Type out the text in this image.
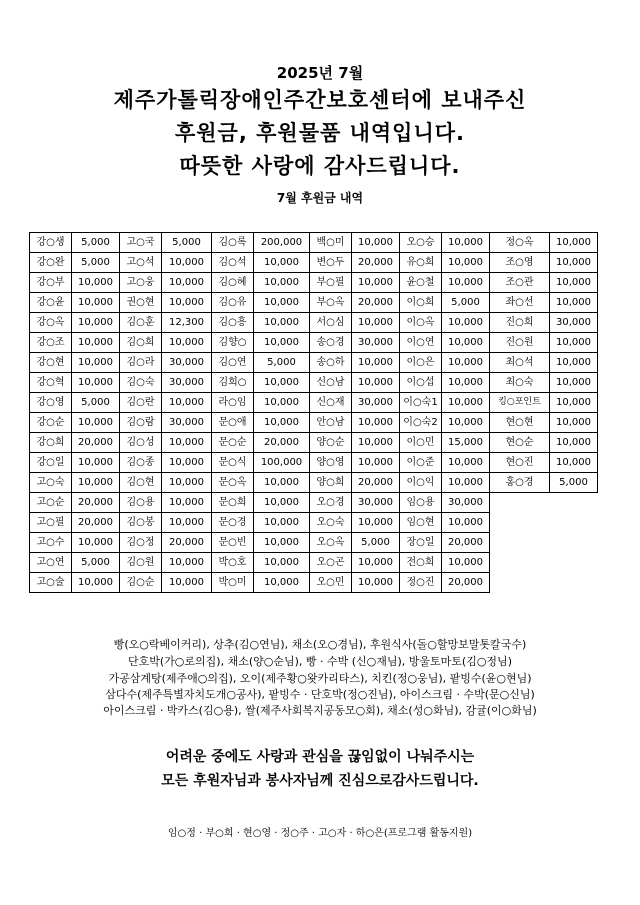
2025년 7월
제주가톨릭장애인주간보호센터에 보내주신
후원금, 후원물품 내역입니다.
따뜻한 사랑에 감사드립니다.
7월 후원금 내역
강○생	5,000	고○국	5,000	김○록	200,000	백○미	10,000	오○승	10,000	정○옥	10,000
강○완	5,000	고○석	10,000	김○석	10,000	변○두	20,000	유○희	10,000	조○영	10,000
강○부	10,000	고○웅	10,000	김○혜	10,000	부○필	10,000	윤○철	10,000	조○관	10,000
강○윤	10,000	권○현	10,000	김○유	10,000	부○옥	20,000	이○희	5,000	좌○선	10,000
강○옥	10,000	김○훈	12,300	김○흥	10,000	서○심	10,000	이○옥	10,000	진○희	30,000
강○조	10,000	김○희	10,000	김향○	10,000	송○경	30,000	이○연	10,000	진○원	10,000
강○현	10,000	김○라	30,000	김○연	5,000	송○하	10,000	이○은	10,000	최○석	10,000
강○혁	10,000	김○숙	30,000	김희○	10,000	신○남	10,000	이○섭	10,000	최○숙	10,000
강○영	5,000	김○란	10,000	라○임	10,000	신○재	30,000	이○숙1	10,000	킹○포인트	10,000
강○순	10,000	김○람	30,000	문○애	10,000	안○남	10,000	이○숙2	10,000	현○현	10,000
강○희	20,000	김○성	10,000	문○순	20,000	양○순	10,000	이○민	15,000	현○순	10,000
강○일	10,000	김○종	10,000	문○식	100,000	양○영	10,000	이○준	10,000	현○진	10,000
고○숙	10,000	김○현	10,000	문○옥	10,000	양○희	20,000	이○익	10,000	홍○경	5,000
고○순	20,000	김○용	10,000	문○희	10,000	오○경	30,000	임○용	30,000		
고○필	20,000	김○봉	10,000	문○경	10,000	오○숙	10,000	임○현	10,000		
고○수	10,000	김○정	20,000	문○빈	10,000	오○옥	5,000	장○일	20,000		
고○연	5,000	김○원	10,000	박○호	10,000	오○곤	10,000	전○희	10,000		
고○술	10,000	김○순	10,000	박○미	10,000	오○민	10,000	정○진	20,000		
빵(오○락베이커리), 상추(김○연님), 채소(오○경님), 후원식사(돌○할망보말톳칼국수)
단호박(가○로의집), 채소(양○순님), 빵 · 수박 (신○재님), 방울토마토(김○정님)
가공삼계탕(제주애○의집), 오이(제주황○왓카리타스), 치킨(정○웅님), 팥빙수(윤○현님)
삼다수(제주특별자치도개○공사), 팥빙수 · 단호박(정○진님), 아이스크림 · 수박(문○신님)
아이스크림 · 박카스(김○용), 쌀(제주사회복지공동모○회), 채소(성○화님), 감귤(이○화님)
어려운 중에도 사랑과 관심을 끊임없이 나눠주시는
모든 후원자님과 봉사자님께 진심으로감사드립니다.
임○정 · 부○희 · 현○영 · 정○주 · 고○자 · 하○은(프로그램 활동지원)
